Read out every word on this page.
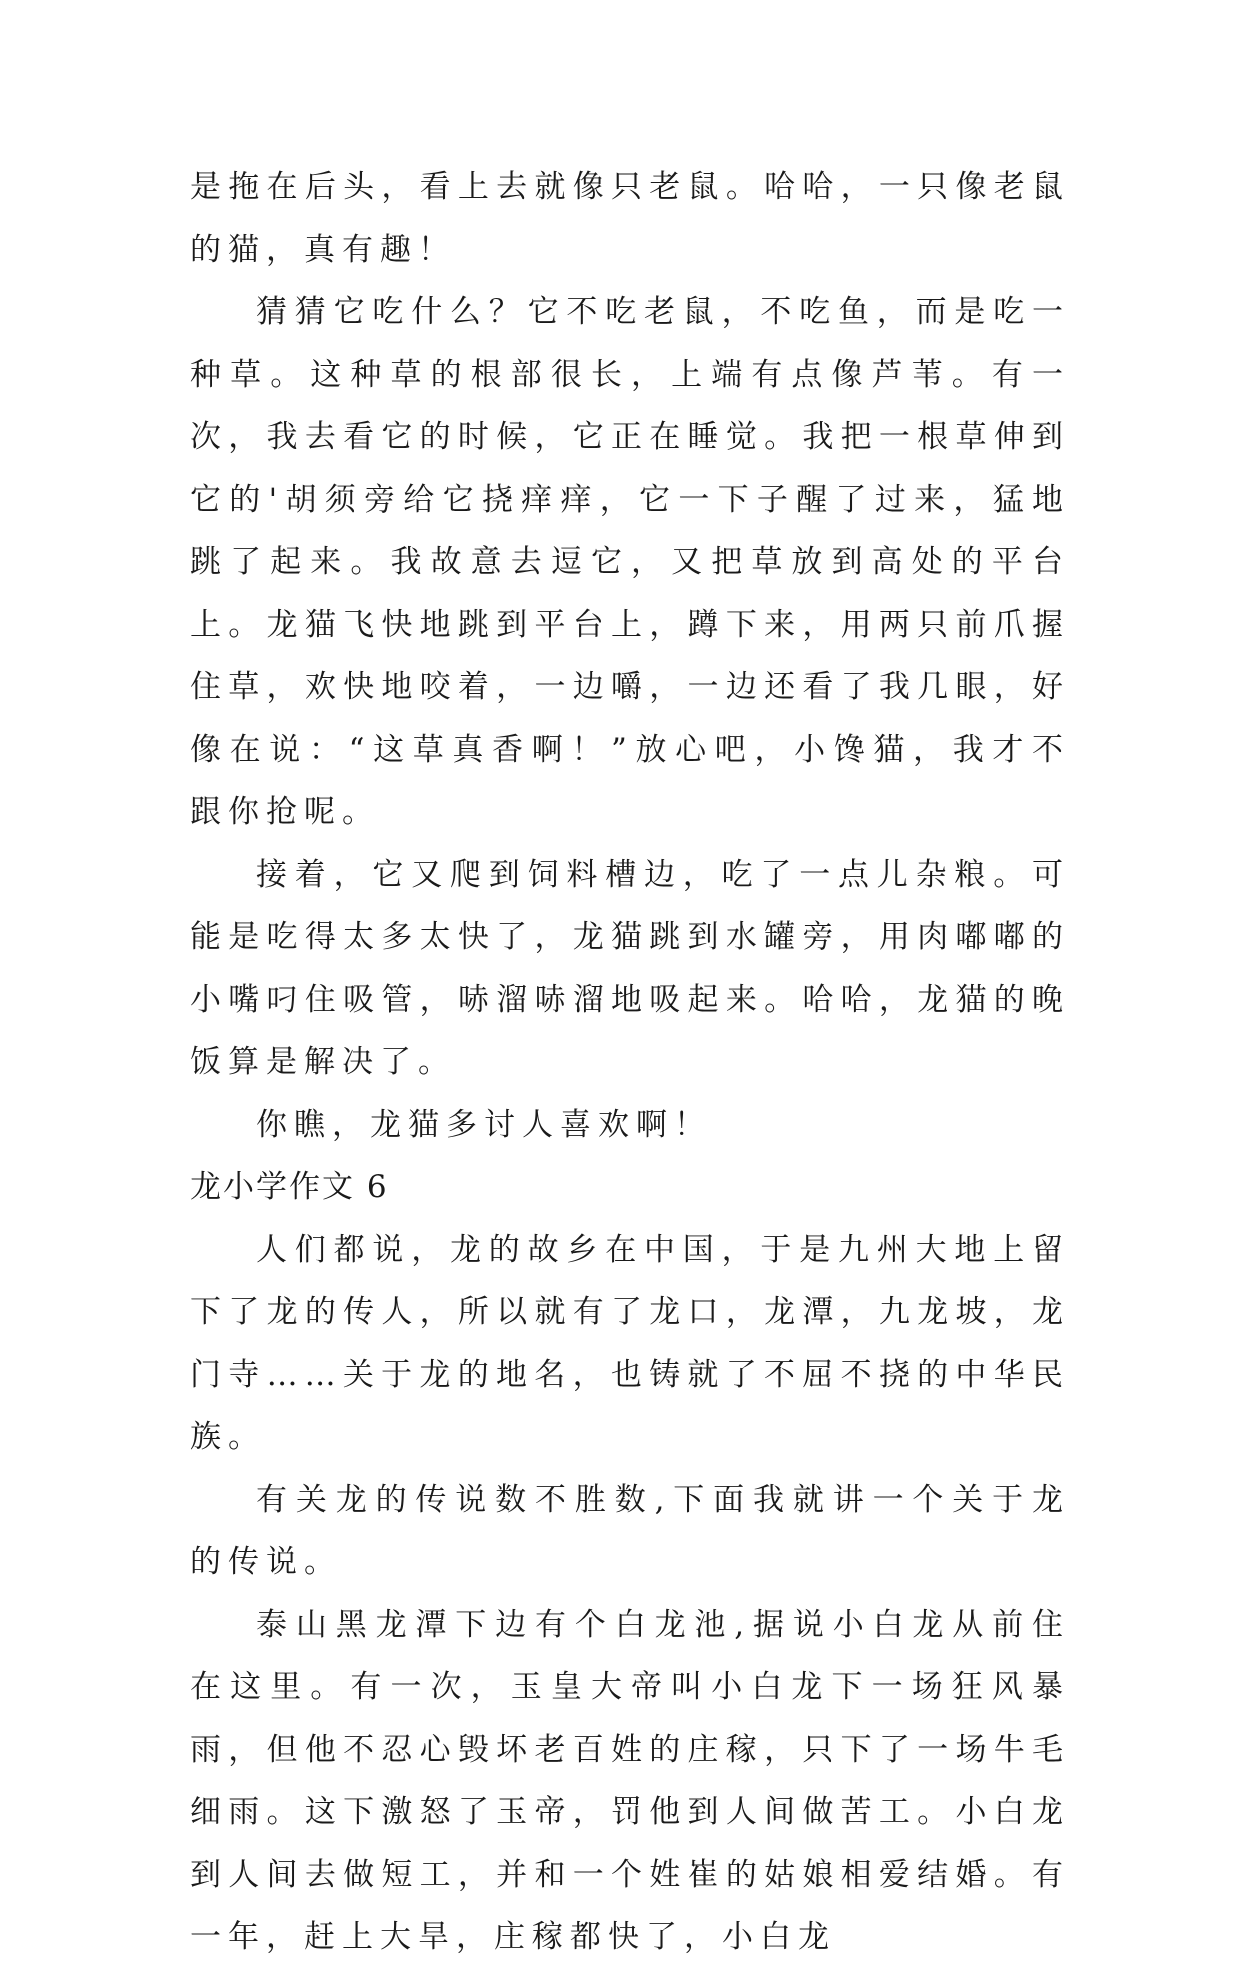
是拖在后头，看上去就像只老鼠。哈哈，一只像老鼠的猫，真有趣！

猜猜它吃什么？它不吃老鼠，不吃鱼，而是吃一种草。这种草的根部很长，上端有点像芦苇。有一次，我去看它的时候，它正在睡觉。我把一根草伸到它的'胡须旁给它挠痒痒，它一下子醒了过来，猛地跳了起来。我故意去逗它，又把草放到高处的平台上。龙猫飞快地跳到平台上，蹲下来，用两只前爪握住草，欢快地咬着，一边嚼，一边还看了我几眼，好像在说：“这草真香啊！”放心吧，小馋猫，我才不跟你抢呢。

接着，它又爬到饲料槽边，吃了一点儿杂粮。可能是吃得太多太快了，龙猫跳到水罐旁，用肉嘟嘟的小嘴叼住吸管，哧溜哧溜地吸起来。哈哈，龙猫的晚饭算是解决了。

你瞧，龙猫多讨人喜欢啊！

龙小学作文 6

人们都说，龙的故乡在中国，于是九州大地上留下了龙的传人，所以就有了龙口，龙潭，九龙坡，龙门寺……关于龙的地名，也铸就了不屈不挠的中华民族。

有关龙的传说数不胜数,下面我就讲一个关于龙的传说。

泰山黑龙潭下边有个白龙池,据说小白龙从前住在这里。有一次，玉皇大帝叫小白龙下一场狂风暴雨，但他不忍心毁坏老百姓的庄稼，只下了一场牛毛细雨。这下激怒了玉帝，罚他到人间做苦工。小白龙到人间去做短工，并和一个姓崔的姑娘相爱结婚。有一年，赶上大旱，庄稼都快了，小白龙
